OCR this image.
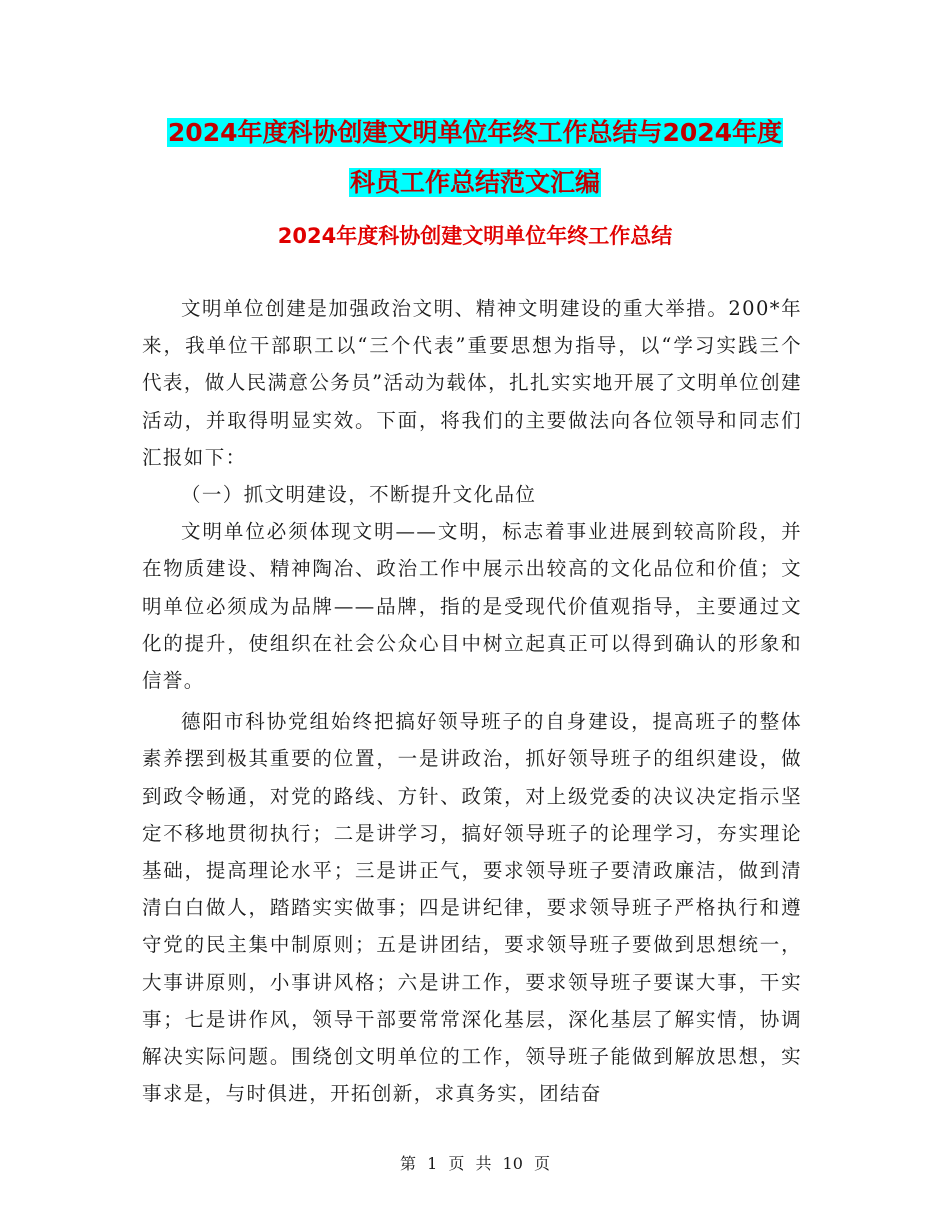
2024年度科协创建文明单位年终工作总结与2024年度
科员工作总结范文汇编
2024年度科协创建文明单位年终工作总结

文明单位创建是加强政治文明、精神文明建设的重大举措。200*年来，我单位干部职工以“三个代表”重要思想为指导，以“学习实践三个代表，做人民满意公务员”活动为载体，扎扎实实地开展了文明单位创建活动，并取得明显实效。下面，将我们的主要做法向各位领导和同志们汇报如下：

（一）抓文明建设，不断提升文化品位

文明单位必须体现文明——文明，标志着事业进展到较高阶段，并在物质建设、精神陶冶、政治工作中展示出较高的文化品位和价值；文明单位必须成为品牌——品牌，指的是受现代价值观指导，主要通过文化的提升，使组织在社会公众心目中树立起真正可以得到确认的形象和信誉。

德阳市科协党组始终把搞好领导班子的自身建设，提高班子的整体素养摆到极其重要的位置，一是讲政治，抓好领导班子的组织建设，做到政令畅通，对党的路线、方针、政策，对上级党委的决议决定指示坚定不移地贯彻执行；二是讲学习，搞好领导班子的论理学习，夯实理论基础，提高理论水平；三是讲正气，要求领导班子要清政廉洁，做到清清白白做人，踏踏实实做事；四是讲纪律，要求领导班子严格执行和遵守党的民主集中制原则；五是讲团结，要求领导班子要做到思想统一，大事讲原则，小事讲风格；六是讲工作，要求领导班子要谋大事，干实事；七是讲作风，领导干部要常常深化基层，深化基层了解实情，协调解决实际问题。围绕创文明单位的工作，领导班子能做到解放思想，实事求是，与时俱进，开拓创新，求真务实，团结奋

第 1 页 共 10 页
